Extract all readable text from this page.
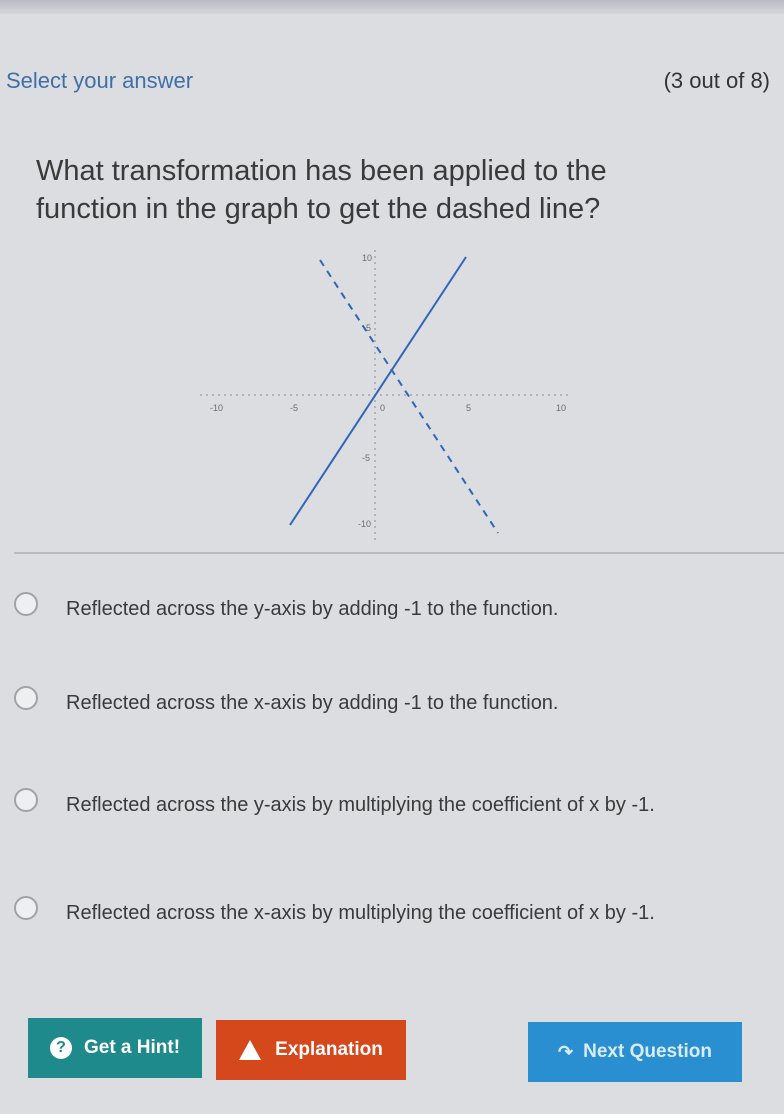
Select your answer	(3 out of 8)
What transformation has been applied to the function in the graph to get the dashed line?
-10	-5	0	5	10
10
5
-5
-10
Reflected across the y-axis by adding -1 to the function.
Reflected across the x-axis by adding -1 to the function.
Reflected across the y-axis by multiplying the coefficient of x by -1.
Reflected across the x-axis by multiplying the coefficient of x by -1.
? Get a Hint!	Explanation	↷ Next Question
